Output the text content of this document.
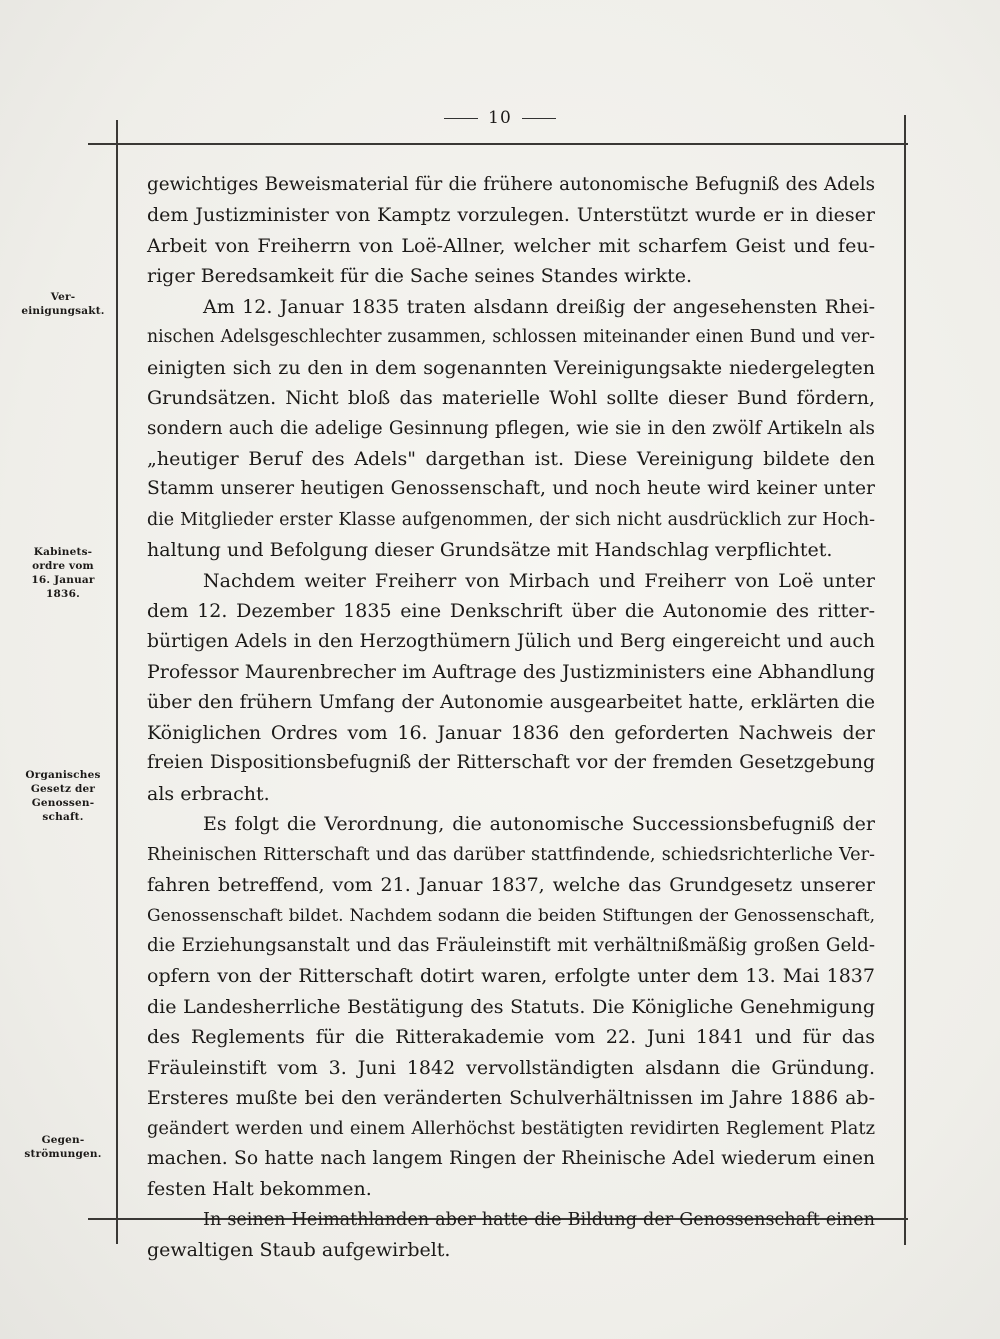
10
Ver-
einigungsakt.
Kabinets-
ordre vom
16. Januar
1836.
Organisches
Gesetz der
Genossen-
schaft.
Gegen-
strömungen.
gewichtiges Beweismaterial für die frühere autonomische Befugniß des Adels
dem Justizminister von Kamptz vorzulegen. Unterstützt wurde er in dieser
Arbeit von Freiherrn von Loë-Allner, welcher mit scharfem Geist und feu-
riger Beredsamkeit für die Sache seines Standes wirkte.
Am 12. Januar 1835 traten alsdann dreißig der angesehensten Rhei-
nischen Adelsgeschlechter zusammen, schlossen miteinander einen Bund und ver-
einigten sich zu den in dem sogenannten Vereinigungsakte niedergelegten
Grundsätzen. Nicht bloß das materielle Wohl sollte dieser Bund fördern,
sondern auch die adelige Gesinnung pflegen, wie sie in den zwölf Artikeln als
„heutiger Beruf des Adels" dargethan ist. Diese Vereinigung bildete den
Stamm unserer heutigen Genossenschaft, und noch heute wird keiner unter
die Mitglieder erster Klasse aufgenommen, der sich nicht ausdrücklich zur Hoch-
haltung und Befolgung dieser Grundsätze mit Handschlag verpflichtet.
Nachdem weiter Freiherr von Mirbach und Freiherr von Loë unter
dem 12. Dezember 1835 eine Denkschrift über die Autonomie des ritter-
bürtigen Adels in den Herzogthümern Jülich und Berg eingereicht und auch
Professor Maurenbrecher im Auftrage des Justizministers eine Abhandlung
über den frühern Umfang der Autonomie ausgearbeitet hatte, erklärten die
Königlichen Ordres vom 16. Januar 1836 den geforderten Nachweis der
freien Dispositionsbefugniß der Ritterschaft vor der fremden Gesetzgebung
als erbracht.
Es folgt die Verordnung, die autonomische Successionsbefugniß der
Rheinischen Ritterschaft und das darüber stattfindende, schiedsrichterliche Ver-
fahren betreffend, vom 21. Januar 1837, welche das Grundgesetz unserer
Genossenschaft bildet. Nachdem sodann die beiden Stiftungen der Genossenschaft,
die Erziehungsanstalt und das Fräuleinstift mit verhältnißmäßig großen Geld-
opfern von der Ritterschaft dotirt waren, erfolgte unter dem 13. Mai 1837
die Landesherrliche Bestätigung des Statuts. Die Königliche Genehmigung
des Reglements für die Ritterakademie vom 22. Juni 1841 und für das
Fräuleinstift vom 3. Juni 1842 vervollständigten alsdann die Gründung.
Ersteres mußte bei den veränderten Schulverhältnissen im Jahre 1886 ab-
geändert werden und einem Allerhöchst bestätigten revidirten Reglement Platz
machen. So hatte nach langem Ringen der Rheinische Adel wiederum einen
festen Halt bekommen.
In seinen Heimathlanden aber hatte die Bildung der Genossenschaft einen
gewaltigen Staub aufgewirbelt.
